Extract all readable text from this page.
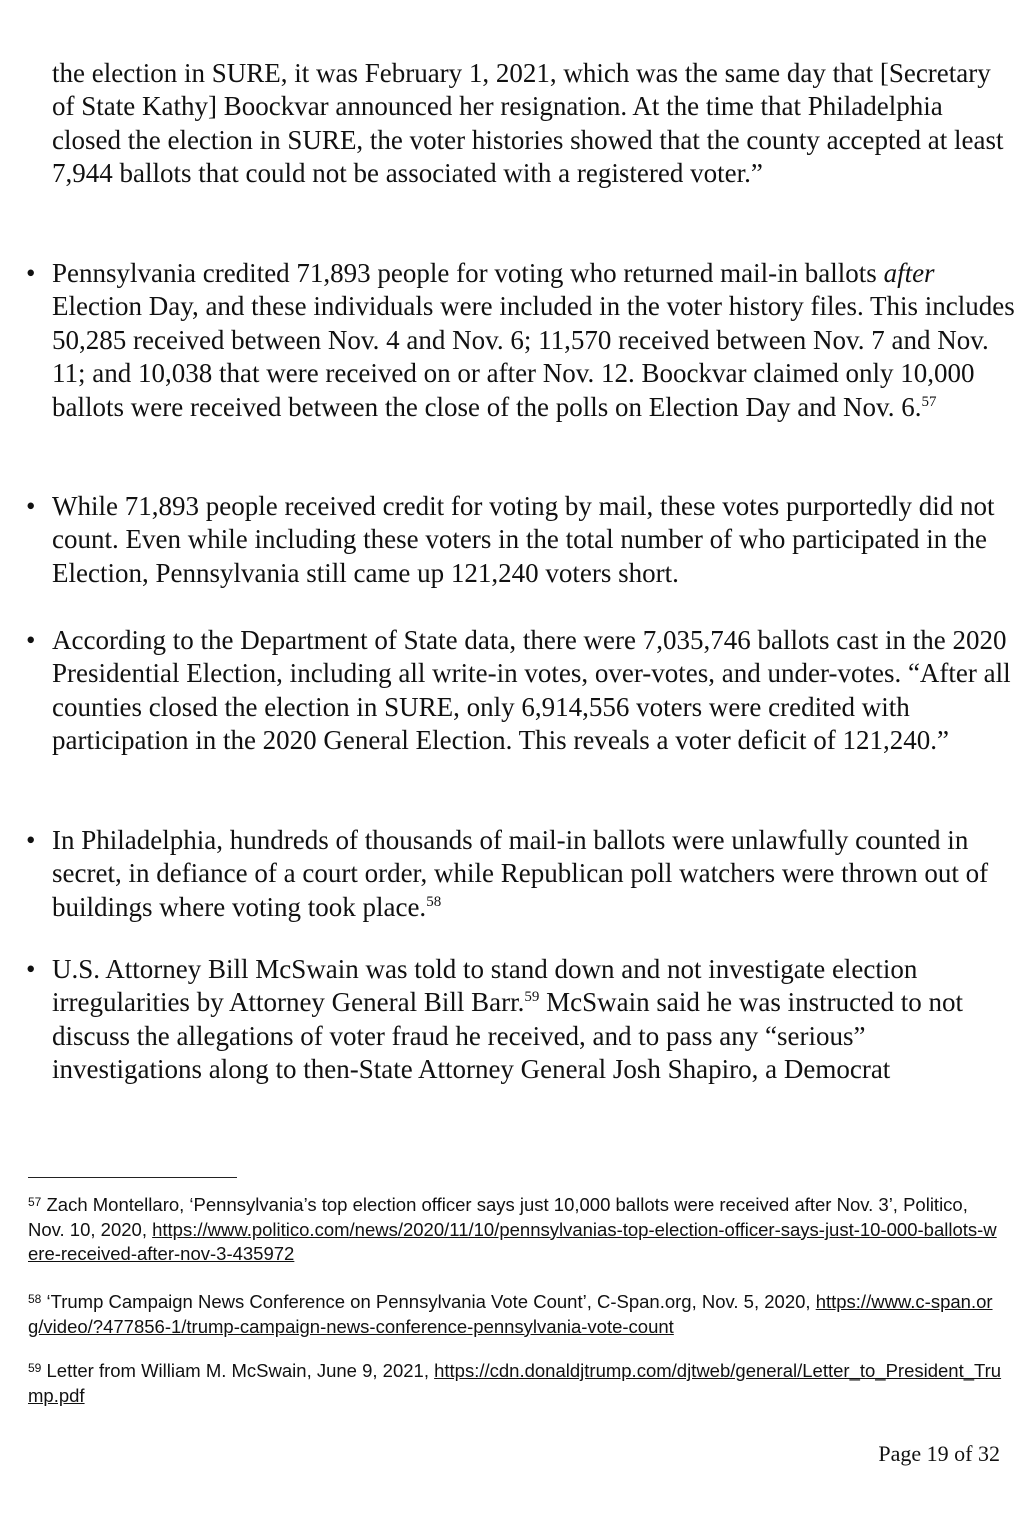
the election in SURE, it was February 1, 2021, which was the same day that [Secretary of State Kathy] Boockvar announced her resignation. At the time that Philadelphia closed the election in SURE, the voter histories showed that the county accepted at least 7,944 ballots that could not be associated with a registered voter.”

• Pennsylvania credited 71,893 people for voting who returned mail-in ballots after Election Day, and these individuals were included in the voter history files. This includes 50,285 received between Nov. 4 and Nov. 6; 11,570 received between Nov. 7 and Nov. 11; and 10,038 that were received on or after Nov. 12. Boockvar claimed only 10,000 ballots were received between the close of the polls on Election Day and Nov. 6.57

• While 71,893 people received credit for voting by mail, these votes purportedly did not count. Even while including these voters in the total number of who participated in the Election, Pennsylvania still came up 121,240 voters short.

• According to the Department of State data, there were 7,035,746 ballots cast in the 2020 Presidential Election, including all write-in votes, over-votes, and under-votes. “After all counties closed the election in SURE, only 6,914,556 voters were credited with participation in the 2020 General Election. This reveals a voter deficit of 121,240.”

• In Philadelphia, hundreds of thousands of mail-in ballots were unlawfully counted in secret, in defiance of a court order, while Republican poll watchers were thrown out of buildings where voting took place.$^{58}$

• U.S. Attorney Bill McSwain was told to stand down and not investigate election irregularities by Attorney General Bill Barr.$^{59}$ McSwain said he was instructed to not discuss the allegations of voter fraud he received, and to pass any “serious” investigations along to then-State Attorney General Josh Shapiro, a Democrat

$^{57}$ Zach Montellaro, ‘Pennsylvania’s top election officer says just 10,000 ballots were received after Nov. 3’, Politico, Nov. 10, 2020, https://www.politico.com/news/2020/11/10/pennsylvanias-top-election-officer-says-just-10-000-ballots-were-received-after-nov-3-435972

$^{58}$ ‘Trump Campaign News Conference on Pennsylvania Vote Count’, C-Span.org, Nov. 5, 2020, https://www.c-span.org/video/?477856-1/trump-campaign-news-conference-pennsylvania-vote-count

$^{59}$ Letter from William M. McSwain, June 9, 2021, https://cdn.donaldjtrump.com/djtweb/general/Letter_to_President_Trump.pdf

Page 19 of 32
